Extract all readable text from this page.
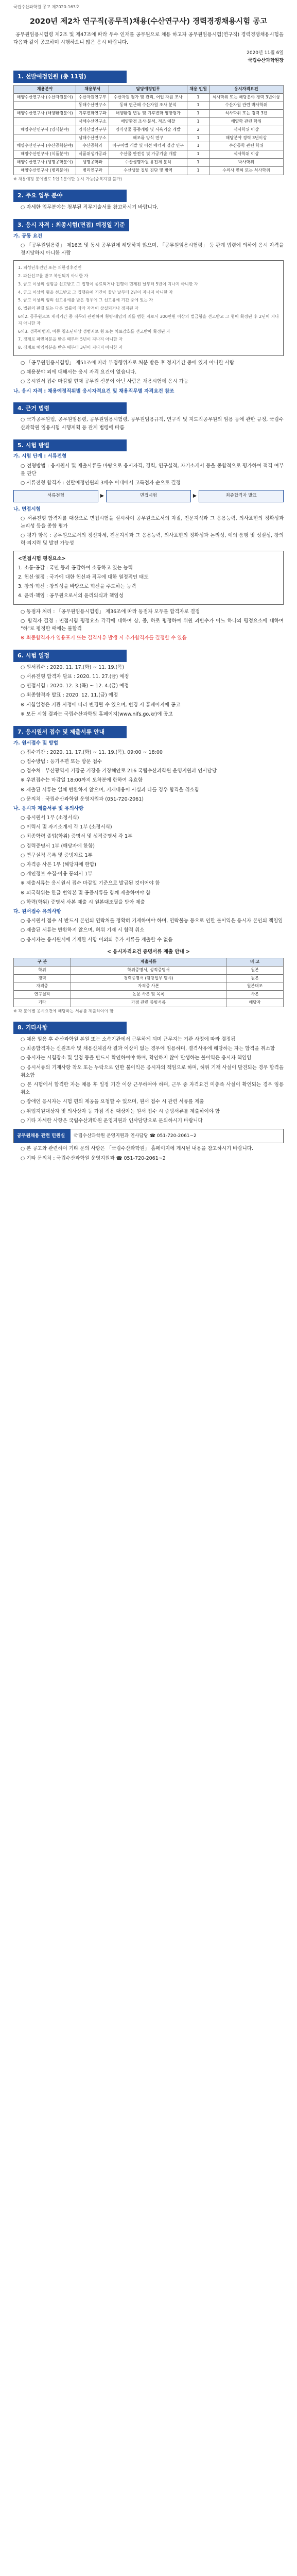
국립수산과학원 공고 제2020-163호
2020년 제2차 연구직(공무직)채용(수산연구사) 경력경쟁채용시험 공고

공무원임용시험령 제2조 및 제47조에 따라 우수 인재를 공무원으로 채용 하고자 공무원임용시험(연구직) 경력경쟁채용시험을 다음과 같이 공고하며 시행하오니 많은 응시 바랍니다.

2020년 11월 6일
국립수산과학원장
1. 선발예정인원 (총 11명)
채용분야	채용부서	담당예정업무	채용 인원	응시자격요건
해양수산연구사 (수산자원분야)	수산자원연구부	수산자원 평가 및 관리, 어업 자원 조사	1	석사학위 또는 해당분야 경력 3년이상
	동해수산연구소	동해 연근해 수산자원 조사 분석	1	수산자원 관련 박사학위
해양수산연구사 (해양환경분야)	기후변화연구과	해양환경 변동 및 기후변화 영향평가	1	석사학위 또는 경력 3년
	서해수산연구소	해양환경 조사·분석, 적조 예찰	1	해양학 관련 학위
해양수산연구사 (양식분야)	양식산업연구부	양식생물 품종개량 및 사육기술 개발	2	석사학위 이상
	남해수산연구소	해조류 양식 연구	1	해당분야 경력 3년이상
해양수산연구사 (수산공학분야)	수산공학과	어구어법 개발 및 어선 에너지 절감 연구	1	수산공학 관련 학위
해양수산연구사 (식품분야)	식품위생가공과	수산물 안전성 및 가공기술 개발	1	석사학위 이상
해양수산연구사 (생명공학분야)	생명공학과	수산생명자원 유전체 분석	1	박사학위
해양수산연구사 (병리분야)	병리연구과	수산생물 질병 진단 및 방역	1	수의사 면허 또는 석사학위

※ 채용예정 분야별로 1인 1분야만 응시 가능(중복지원 불가)

2. 주요 업무 분야

○ 자세한 업무분야는 첨부된 직무기술서를 참고하시기 바랍니다.

3. 응시 자격 : 최종시험(면접) 예정일 기준

가. 공통 요건

○ 「공무원임용령」 제16조 및 동시 공무원에 해당하지 않으며, 「공무원임용시험령」 등 관계 법령에 의하여 응시 자격을 정지당하지 아니한 사람

1. 피성년후견인 또는 피한정후견인

2. 파산선고를 받고 복권되지 아니한 자

3. 금고 이상의 실형을 선고받고 그 집행이 종료되거나 집행이 면제된 날부터 5년이 지나지 아니한 자

4. 금고 이상의 형을 선고받고 그 집행유예 기간이 끝난 날부터 2년이 지나지 아니한 자

5. 금고 이상의 형의 선고유예를 받은 경우에 그 선고유예 기간 중에 있는 자

6. 법원의 판결 또는 다른 법률에 따라 자격이 상실되거나 정지된 자

6의2. 공무원으로 재직기간 중 직무와 관련하여 횡령·배임의 죄를 범한 자로서 300만원 이상의 벌금형을 선고받고 그 형이 확정된 후 2년이 지나지 아니한 자

6의3. 성폭력범죄, 아동·청소년대상 성범죄로 형 또는 치료감호를 선고받아 확정된 자

7. 징계로 파면처분을 받은 때부터 5년이 지나지 아니한 자

8. 징계로 해임처분을 받은 때부터 3년이 지나지 아니한 자

○ 「공무원임용시험령」 제51조에 따라 부정행위자로 처분 받은 후 정지기간 중에 있지 아니한 사람

○ 채용분야 외에 대해서는 응시 자격 요건이 없습니다.

○ 응시원서 접수 마감일 현재 공무원 신분이 아닌 사람은 채용시험에 응시 가능

나. 응시 자격 : 채용예정직위별 응시자격요건 및 채용직무별 자격요건 참조

4. 근거 법령

○ 국가공무원법, 공무원임용령, 공무원임용시험령, 공무원임용규칙, 연구직 및 지도직공무원의 임용 등에 관한 규정, 국립수산과학원 임용시험 시행계획 등 관계 법령에 따름

5. 시험 방법

가. 시험 단계 : 서류전형

○ 전형방법 : 응시원서 및 제출서류를 바탕으로 응시자격, 경력, 연구실적, 자기소개서 등을 종합적으로 평가하여 적격 여부를 판단

○ 서류전형 합격자 : 선발예정인원의 3배수 이내에서 고득점자 순으로 결정

서류전형	▶	면접시험	▶	최종합격자 발표

나. 면접시험

○ 서류전형 합격자를 대상으로 면접시험을 실시하여 공무원으로서의 자질, 전문지식과 그 응용능력, 의사표현의 정확성과 논리성 등을 종합 평가

○ 평가 항목 : 공무원으로서의 정신자세, 전문지식과 그 응용능력, 의사표현의 정확성과 논리성, 예의·품행 및 성실성, 창의력·의지력 및 발전 가능성

<면접시험 평정요소>

1. 소통·공감 : 국민 등과 공감하여 소통하고 있는 능력

2. 헌신·열정 : 국가에 대한 헌신과 직무에 대한 열정적인 태도

3. 창의·혁신 : 창의성을 바탕으로 혁신을 주도하는 능력

4. 윤리·책임 : 공무원으로서의 윤리의식과 책임성

○ 동점자 처리 : 「공무원임용시험령」 제36조에 따라 동점자 모두를 합격자로 결정

○ 합격자 결정 : 면접시험 평정요소 각각에 대하여 상, 중, 하로 평정하여 위원 과반수가 어느 하나의 평정요소에 대하여 "하"로 평정한 때에는 불합격

※ 최종합격자가 임용포기 또는 결격사유 발생 시 추가합격자를 결정할 수 있음

6. 시험 일정

○ 원서접수 : 2020. 11. 17.(화) ~ 11. 19.(목)

○ 서류전형 합격자 발표 : 2020. 11. 27.(금) 예정

○ 면접시험 : 2020. 12. 3.(목) ~ 12. 4.(금) 예정

○ 최종합격자 발표 : 2020. 12. 11.(금) 예정

※ 시험일정은 기관 사정에 따라 변경될 수 있으며, 변경 시 홈페이지에 공고

※ 모든 시험 결과는 국립수산과학원 홈페이지(www.nifs.go.kr)에 공고

7. 응시원서 접수 및 제출서류 안내

가. 원서접수 및 방법

○ 접수기간 : 2020. 11. 17.(화) ~ 11. 19.(목), 09:00 ~ 18:00

○ 접수방법 : 등기우편 또는 방문 접수

○ 접수처 : 부산광역시 기장군 기장읍 기장해안로 216 국립수산과학원 운영지원과 인사담당

※ 우편접수는 마감일 18:00까지 도착분에 한하여 유효함

※ 제출된 서류는 일체 반환하지 않으며, 기재내용이 사실과 다를 경우 합격을 취소함

○ 문의처 : 국립수산과학원 운영지원과 (051-720-2061)

나. 응시자 제출서류 및 유의사항

○ 응시원서 1부 (소정서식)

○ 이력서 및 자기소개서 각 1부 (소정서식)

○ 최종학력 졸업(학위) 증명서 및 성적증명서 각 1부

○ 경력증명서 1부 (해당자에 한함)

○ 연구실적 목록 및 증빙자료 1부

○ 자격증 사본 1부 (해당자에 한함)

○ 개인정보 수집·이용 동의서 1부

※ 제출서류는 응시원서 접수 마감일 기준으로 발급된 것이어야 함

※ 외국학위는 한글 번역본 및 공증서류를 함께 제출하여야 함

○ 학력(학위) 증명서 사본 제출 시 원본대조필을 받아 제출

다. 원서접수 유의사항

○ 응시원서 접수 시 반드시 본인의 연락처를 정확히 기재하여야 하며, 연락불능 등으로 인한 불이익은 응시자 본인의 책임임

○ 제출된 서류는 반환하지 않으며, 허위 기재 시 합격 취소

○ 응시자는 응시원서에 기재한 사항 이외의 추가 서류를 제출할 수 없음

< 응시자격요건 증명서류 제출 안내 >

구 분	제출서류	비 고
학위	학위증명서, 성적증명서	원본
경력	경력증명서 (담당업무 명시)	원본
자격증	자격증 사본	원본대조
연구실적	논문 사본 및 목록	사본
기타	가점 관련 증빙서류	해당자

※ 각 분야별 응시요건에 해당하는 서류를 제출하여야 함

8. 기타사항

○ 채용 임용 후 수산과학원 본원 또는 소속기관에서 근무하게 되며 근무지는 기관 사정에 따라 결정됨

○ 최종합격자는 신원조사 및 채용신체검사 결과 이상이 없는 경우에 임용하며, 결격사유에 해당하는 자는 합격을 취소함

○ 응시자는 시험장소 및 일정 등을 반드시 확인하여야 하며, 확인하지 않아 발생하는 불이익은 응시자 책임임

○ 응시서류의 기재사항 착오 또는 누락으로 인한 불이익은 응시자의 책임으로 하며, 허위 기재 사실이 발견되는 경우 합격을 취소함

○ 본 시험에서 합격한 자는 채용 후 일정 기간 이상 근무하여야 하며, 근무 중 자격요건 미충족 사실이 확인되는 경우 임용 취소

○ 장애인 응시자는 시험 편의 제공을 요청할 수 있으며, 원서 접수 시 관련 서류를 제출

○ 취업지원대상자 및 의사상자 등 가점 적용 대상자는 원서 접수 시 증빙서류를 제출하여야 함

○ 기타 자세한 사항은 국립수산과학원 운영지원과 인사담당으로 문의하시기 바랍니다

공무원채용 관련 민원실	국립수산과학원 운영지원과 인사담당 ☎ 051-720-2061~2

○ 본 공고와 관련하여 기타 문의 사항은 「국립수산과학원」 홈페이지에 게시된 내용을 참고하시기 바랍니다.

○ 기타 문의처 : 국립수산과학원 운영지원과 ☎ 051-720-2061~2
